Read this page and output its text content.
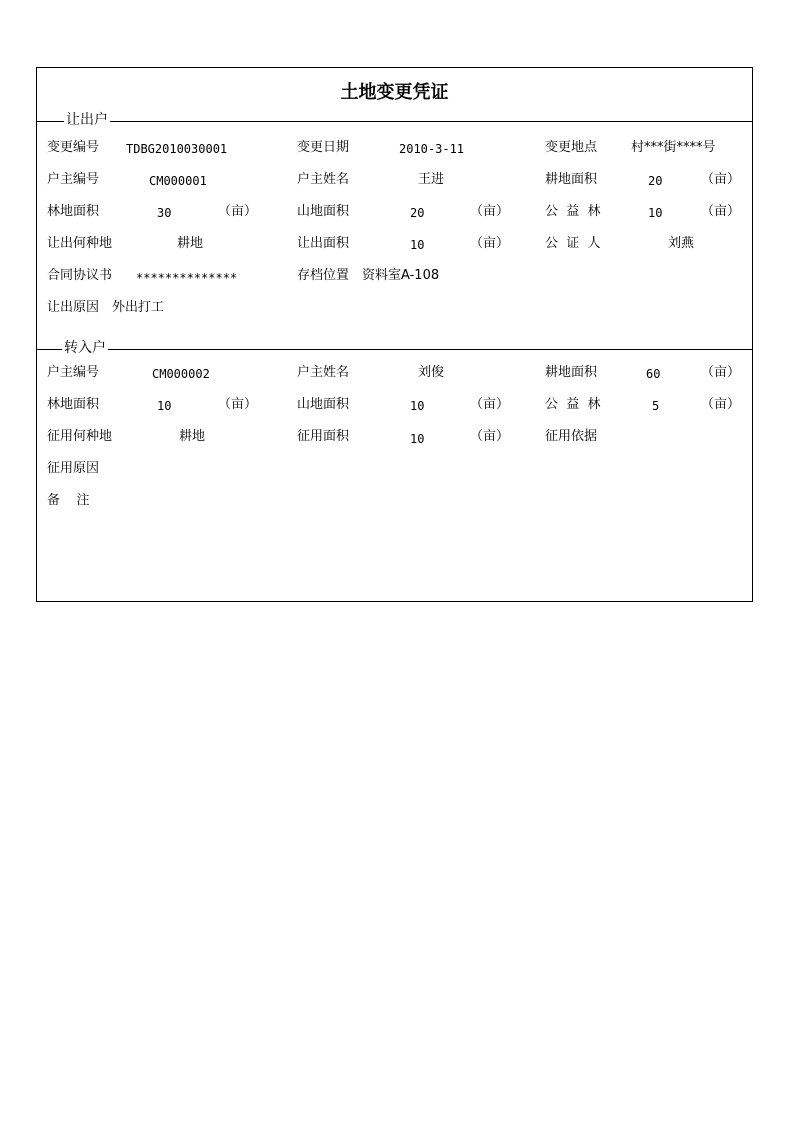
土地变更凭证
让出户
变更编号 TDBG2010030001	变更日期	2010-3-11	变更地点	村***街****号
户主编号	CM000001	户主姓名	王进	耕地面积	20	（亩）
林地面积	30	（亩）	山地面积	20	（亩）	公  益  林	10	（亩）
让出何种地	耕地	让出面积	10	（亩）	公  证  人	刘燕
合同协议书 **************	存档位置 资料室A-108
让出原因 外出打工
转入户
户主编号	CM000002	户主姓名	刘俊	耕地面积	60	（亩）
林地面积	10	（亩）	山地面积	10	（亩）	公  益  林	5	（亩）
征用何种地	耕地	征用面积	10	（亩）	征用依据
征用原因
备    注
